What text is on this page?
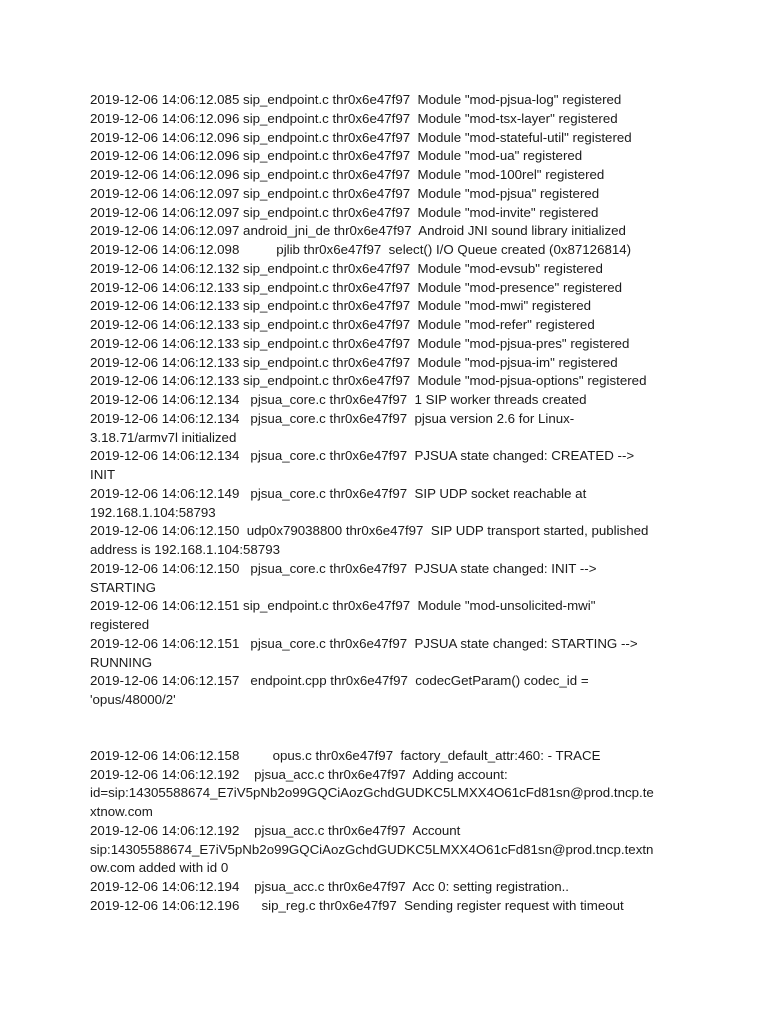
2019-12-06 14:06:12.085 sip_endpoint.c thr0x6e47f97  Module "mod-pjsua-log" registered
2019-12-06 14:06:12.096 sip_endpoint.c thr0x6e47f97  Module "mod-tsx-layer" registered
2019-12-06 14:06:12.096 sip_endpoint.c thr0x6e47f97  Module "mod-stateful-util" registered
2019-12-06 14:06:12.096 sip_endpoint.c thr0x6e47f97  Module "mod-ua" registered
2019-12-06 14:06:12.096 sip_endpoint.c thr0x6e47f97  Module "mod-100rel" registered
2019-12-06 14:06:12.097 sip_endpoint.c thr0x6e47f97  Module "mod-pjsua" registered
2019-12-06 14:06:12.097 sip_endpoint.c thr0x6e47f97  Module "mod-invite" registered
2019-12-06 14:06:12.097 android_jni_de thr0x6e47f97  Android JNI sound library initialized
2019-12-06 14:06:12.098          pjlib thr0x6e47f97  select() I/O Queue created (0x87126814)
2019-12-06 14:06:12.132 sip_endpoint.c thr0x6e47f97  Module "mod-evsub" registered
2019-12-06 14:06:12.133 sip_endpoint.c thr0x6e47f97  Module "mod-presence" registered
2019-12-06 14:06:12.133 sip_endpoint.c thr0x6e47f97  Module "mod-mwi" registered
2019-12-06 14:06:12.133 sip_endpoint.c thr0x6e47f97  Module "mod-refer" registered
2019-12-06 14:06:12.133 sip_endpoint.c thr0x6e47f97  Module "mod-pjsua-pres" registered
2019-12-06 14:06:12.133 sip_endpoint.c thr0x6e47f97  Module "mod-pjsua-im" registered
2019-12-06 14:06:12.133 sip_endpoint.c thr0x6e47f97  Module "mod-pjsua-options" registered
2019-12-06 14:06:12.134   pjsua_core.c thr0x6e47f97  1 SIP worker threads created
2019-12-06 14:06:12.134   pjsua_core.c thr0x6e47f97  pjsua version 2.6 for Linux-
3.18.71/armv7l initialized
2019-12-06 14:06:12.134   pjsua_core.c thr0x6e47f97  PJSUA state changed: CREATED -->
INIT
2019-12-06 14:06:12.149   pjsua_core.c thr0x6e47f97  SIP UDP socket reachable at
192.168.1.104:58793
2019-12-06 14:06:12.150  udp0x79038800 thr0x6e47f97  SIP UDP transport started, published
address is 192.168.1.104:58793
2019-12-06 14:06:12.150   pjsua_core.c thr0x6e47f97  PJSUA state changed: INIT -->
STARTING
2019-12-06 14:06:12.151 sip_endpoint.c thr0x6e47f97  Module "mod-unsolicited-mwi"
registered
2019-12-06 14:06:12.151   pjsua_core.c thr0x6e47f97  PJSUA state changed: STARTING -->
RUNNING
2019-12-06 14:06:12.157   endpoint.cpp thr0x6e47f97  codecGetParam() codec_id =
'opus/48000/2'
2019-12-06 14:06:12.158         opus.c thr0x6e47f97  factory_default_attr:460: - TRACE
2019-12-06 14:06:12.192    pjsua_acc.c thr0x6e47f97  Adding account:
id=sip:14305588674_E7iV5pNb2o99GQCiAozGchdGUDKC5LMXX4O61cFd81sn@prod.tncp.te
xtnow.com
2019-12-06 14:06:12.192    pjsua_acc.c thr0x6e47f97  Account
sip:14305588674_E7iV5pNb2o99GQCiAozGchdGUDKC5LMXX4O61cFd81sn@prod.tncp.textn
ow.com added with id 0
2019-12-06 14:06:12.194    pjsua_acc.c thr0x6e47f97  Acc 0: setting registration..
2019-12-06 14:06:12.196      sip_reg.c thr0x6e47f97  Sending register request with timeout
